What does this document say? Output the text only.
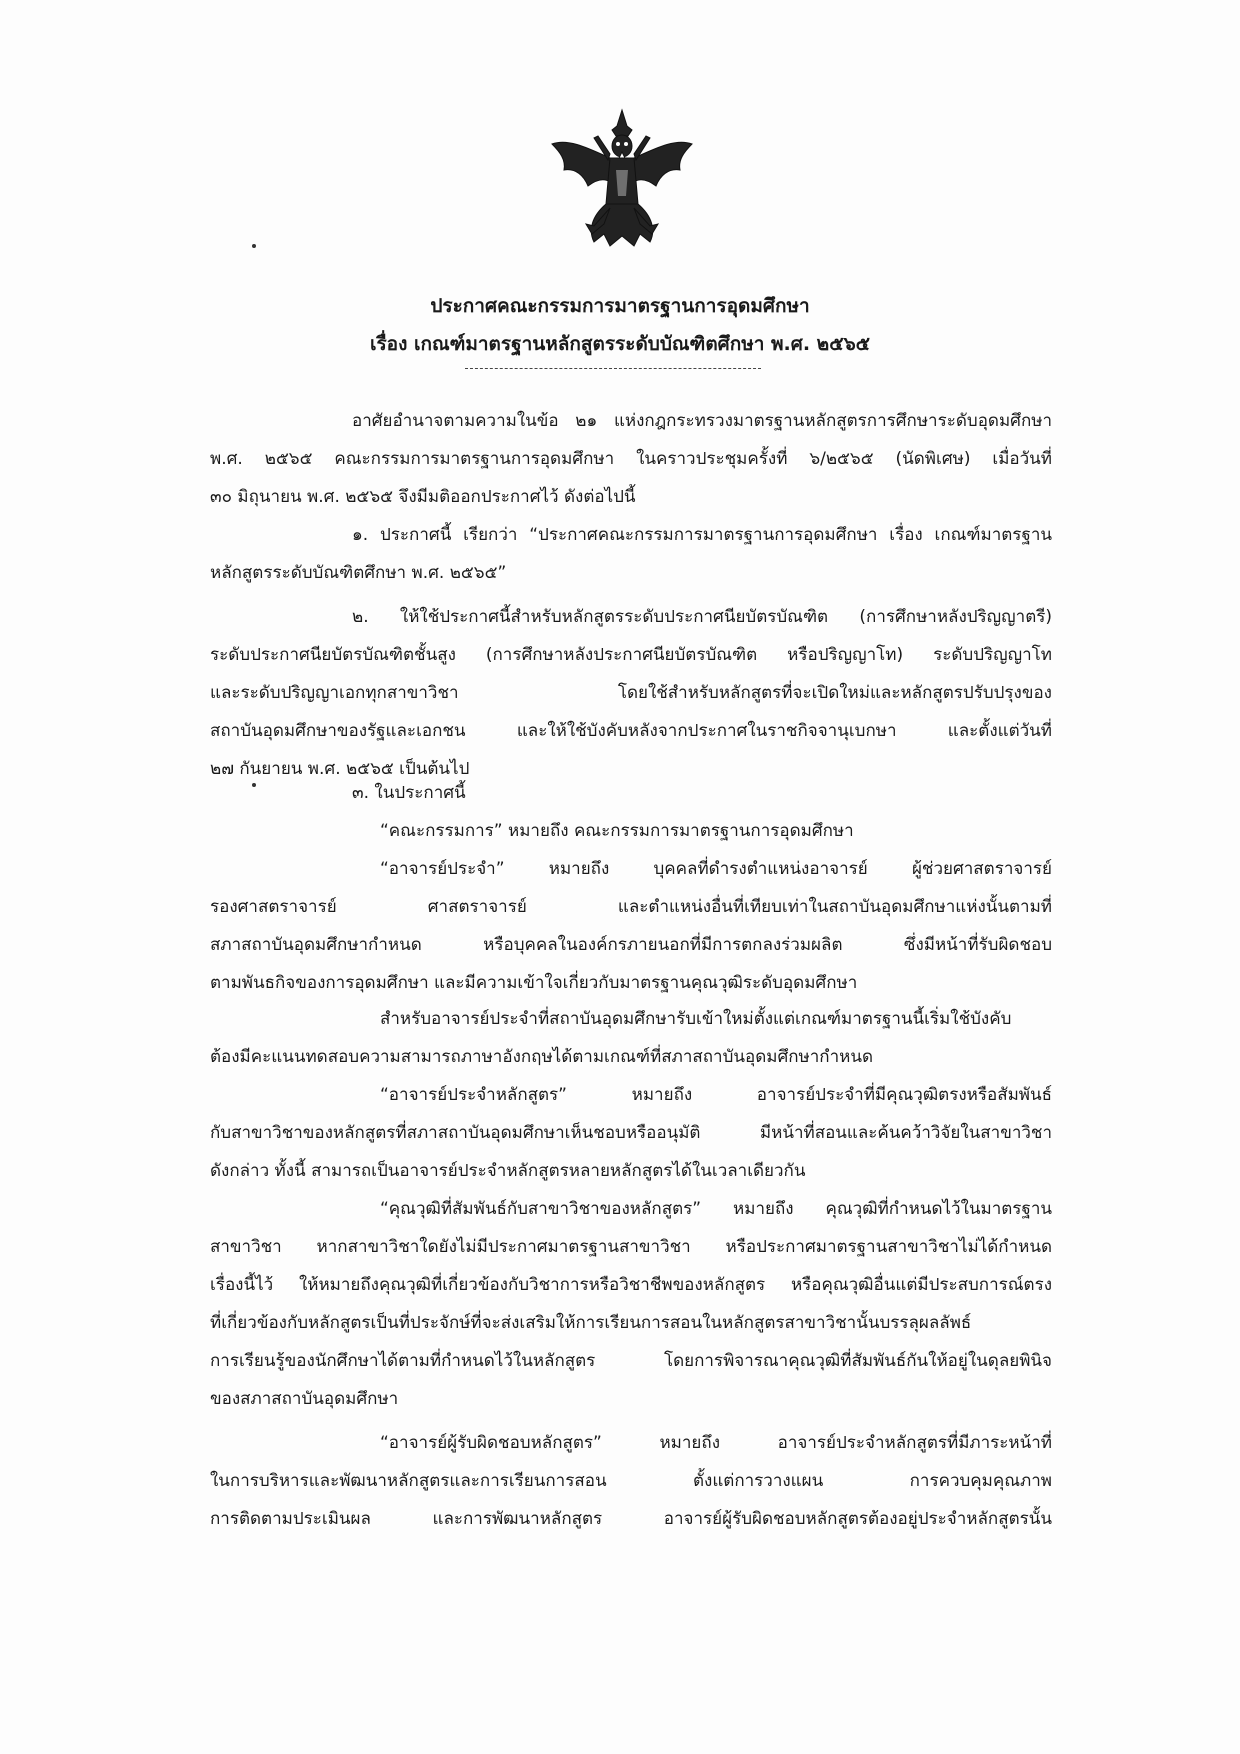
ประกาศคณะกรรมการมาตรฐานการอุดมศึกษา
เรื่อง เกณฑ์มาตรฐานหลักสูตรระดับบัณฑิตศึกษา พ.ศ. ๒๕๖๕
อาศัยอำนาจตามความในข้อ ๒๑ แห่งกฎกระทรวงมาตรฐานหลักสูตรการศึกษาระดับอุดมศึกษา
พ.ศ. ๒๕๖๕ คณะกรรมการมาตรฐานการอุดมศึกษา ในคราวประชุมครั้งที่ ๖/๒๕๖๕ (นัดพิเศษ) เมื่อวันที่
๓๐ มิถุนายน พ.ศ. ๒๕๖๕ จึงมีมติออกประกาศไว้ ดังต่อไปนี้
๑. ประกาศนี้ เรียกว่า “ประกาศคณะกรรมการมาตรฐานการอุดมศึกษา เรื่อง เกณฑ์มาตรฐาน
หลักสูตรระดับบัณฑิตศึกษา พ.ศ. ๒๕๖๕”
๒. ให้ใช้ประกาศนี้สำหรับหลักสูตรระดับประกาศนียบัตรบัณฑิต (การศึกษาหลังปริญญาตรี)
ระดับประกาศนียบัตรบัณฑิตชั้นสูง (การศึกษาหลังประกาศนียบัตรบัณฑิต หรือปริญญาโท) ระดับปริญญาโท
และระดับปริญญาเอกทุกสาขาวิชา โดยใช้สำหรับหลักสูตรที่จะเปิดใหม่และหลักสูตรปรับปรุงของ
สถาบันอุดมศึกษาของรัฐและเอกชน และให้ใช้บังคับหลังจากประกาศในราชกิจจานุเบกษา และตั้งแต่วันที่
๒๗ กันยายน พ.ศ. ๒๕๖๕ เป็นต้นไป
๓. ในประกาศนี้
“คณะกรรมการ” หมายถึง คณะกรรมการมาตรฐานการอุดมศึกษา
“อาจารย์ประจำ” หมายถึง บุคคลที่ดำรงตำแหน่งอาจารย์ ผู้ช่วยศาสตราจารย์
รองศาสตราจารย์ ศาสตราจารย์ และตำแหน่งอื่นที่เทียบเท่าในสถาบันอุดมศึกษาแห่งนั้นตามที่
สภาสถาบันอุดมศึกษากำหนด หรือบุคคลในองค์กรภายนอกที่มีการตกลงร่วมผลิต ซึ่งมีหน้าที่รับผิดชอบ
ตามพันธกิจของการอุดมศึกษา และมีความเข้าใจเกี่ยวกับมาตรฐานคุณวุฒิระดับอุดมศึกษา
สำหรับอาจารย์ประจำที่สถาบันอุดมศึกษารับเข้าใหม่ตั้งแต่เกณฑ์มาตรฐานนี้เริ่มใช้บังคับ
ต้องมีคะแนนทดสอบความสามารถภาษาอังกฤษได้ตามเกณฑ์ที่สภาสถาบันอุดมศึกษากำหนด
“อาจารย์ประจำหลักสูตร” หมายถึง อาจารย์ประจำที่มีคุณวุฒิตรงหรือสัมพันธ์
กับสาขาวิชาของหลักสูตรที่สภาสถาบันอุดมศึกษาเห็นชอบหรืออนุมัติ มีหน้าที่สอนและค้นคว้าวิจัยในสาขาวิชา
ดังกล่าว ทั้งนี้ สามารถเป็นอาจารย์ประจำหลักสูตรหลายหลักสูตรได้ในเวลาเดียวกัน
“คุณวุฒิที่สัมพันธ์กับสาขาวิชาของหลักสูตร” หมายถึง คุณวุฒิที่กำหนดไว้ในมาตรฐาน
สาขาวิชา หากสาขาวิชาใดยังไม่มีประกาศมาตรฐานสาขาวิชา หรือประกาศมาตรฐานสาขาวิชาไม่ได้กำหนด
เรื่องนี้ไว้ ให้หมายถึงคุณวุฒิที่เกี่ยวข้องกับวิชาการหรือวิชาชีพของหลักสูตร หรือคุณวุฒิอื่นแต่มีประสบการณ์ตรง
ที่เกี่ยวข้องกับหลักสูตรเป็นที่ประจักษ์ที่จะส่งเสริมให้การเรียนการสอนในหลักสูตรสาขาวิชานั้นบรรลุผลลัพธ์
การเรียนรู้ของนักศึกษาได้ตามที่กำหนดไว้ในหลักสูตร โดยการพิจารณาคุณวุฒิที่สัมพันธ์กันให้อยู่ในดุลยพินิจ
ของสภาสถาบันอุดมศึกษา
“อาจารย์ผู้รับผิดชอบหลักสูตร” หมายถึง อาจารย์ประจำหลักสูตรที่มีภาระหน้าที่
ในการบริหารและพัฒนาหลักสูตรและการเรียนการสอน ตั้งแต่การวางแผน การควบคุมคุณภาพ
การติดตามประเมินผล และการพัฒนาหลักสูตร อาจารย์ผู้รับผิดชอบหลักสูตรต้องอยู่ประจำหลักสูตรนั้น
